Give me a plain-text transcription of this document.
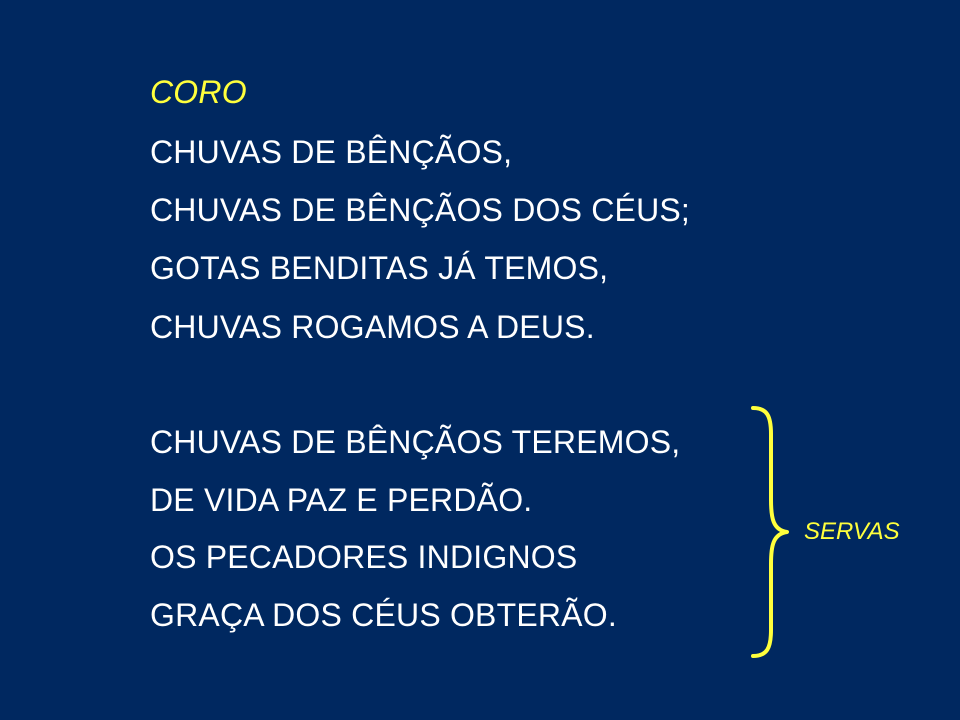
CORO
CHUVAS DE BÊNÇÃOS,
CHUVAS DE BÊNÇÃOS DOS CÉUS;
GOTAS BENDITAS JÁ TEMOS,
CHUVAS ROGAMOS A DEUS.
CHUVAS DE BÊNÇÃOS TEREMOS,
DE VIDA PAZ E PERDÃO.
OS PECADORES INDIGNOS
GRAÇA DOS CÉUS OBTERÃO.
SERVAS
